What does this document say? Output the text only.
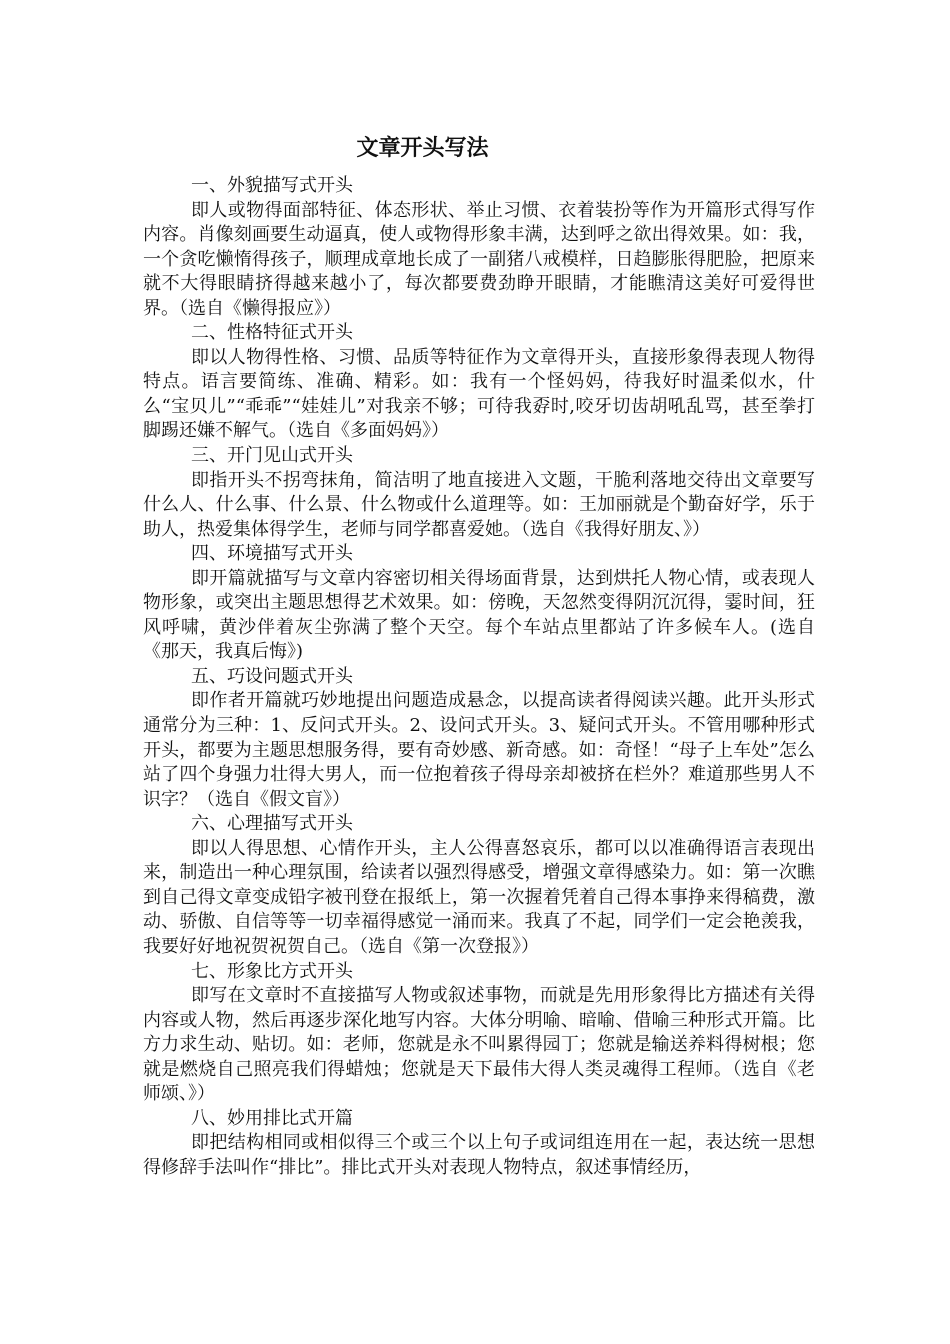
文章开头写法
一、外貌描写式开头
即人或物得面部特征、体态形状、举止习惯、衣着装扮等作为开篇形式得写作内容。肖像刻画要生动逼真，使人或物得形象丰满，达到呼之欲出得效果。如：我，一个贪吃懒惰得孩子，顺理成章地长成了一副猪八戒模样，日趋膨胀得肥脸，把原来就不大得眼睛挤得越来越小了，每次都要费劲睁开眼睛，才能瞧清这美好可爱得世界。（选自《懒得报应》）
二、性格特征式开头
即以人物得性格、习惯、品质等特征作为文章得开头，直接形象得表现人物得特点。语言要简练、准确、精彩。如：我有一个怪妈妈，待我好时温柔似水，什么“宝贝儿”“乖乖”“娃娃儿”对我亲不够；可待我孬时,咬牙切齿胡吼乱骂，甚至拳打脚踢还嫌不解气。（选自《多面妈妈》）
三、开门见山式开头
即指开头不拐弯抹角，简洁明了地直接进入文题，干脆利落地交待出文章要写什么人、什么事、什么景、什么物或什么道理等。如：王加丽就是个勤奋好学，乐于助人，热爱集体得学生，老师与同学都喜爱她。（选自《我得好朋友、》）
四、环境描写式开头
即开篇就描写与文章内容密切相关得场面背景，达到烘托人物心情，或表现人物形象，或突出主题思想得艺术效果。如：傍晚，天忽然变得阴沉沉得，霎时间，狂风呼啸，黄沙伴着灰尘弥满了整个天空。每个车站点里都站了许多候车人。(选自《那天，我真后悔》)
五、巧设问题式开头
即作者开篇就巧妙地提出问题造成悬念，以提高读者得阅读兴趣。此开头形式通常分为三种：1、反问式开头。2、设问式开头。3、疑问式开头。不管用哪种形式开头，都要为主题思想服务得，要有奇妙感、新奇感。如：奇怪！“母子上车处”怎么站了四个身强力壮得大男人，而一位抱着孩子得母亲却被挤在栏外？难道那些男人不识字？（选自《假文盲》）
六、心理描写式开头
即以人得思想、心情作开头，主人公得喜怒哀乐，都可以以准确得语言表现出来，制造出一种心理氛围，给读者以强烈得感受，增强文章得感染力。如：第一次瞧到自己得文章变成铅字被刊登在报纸上，第一次握着凭着自己得本事挣来得稿费，激动、骄傲、自信等等一切幸福得感觉一涌而来。我真了不起，同学们一定会艳羡我，我要好好地祝贺祝贺自己。（选自《第一次登报》）
七、形象比方式开头
即写在文章时不直接描写人物或叙述事物，而就是先用形象得比方描述有关得内容或人物，然后再逐步深化地写内容。大体分明喻、暗喻、借喻三种形式开篇。比方力求生动、贴切。如：老师，您就是永不叫累得园丁；您就是输送养料得树根；您就是燃烧自己照亮我们得蜡烛；您就是天下最伟大得人类灵魂得工程师。（选自《老师颂、》）
八、妙用排比式开篇
即把结构相同或相似得三个或三个以上句子或词组连用在一起，表达统一思想得修辞手法叫作“排比”。排比式开头对表现人物特点，叙述事情经历，
